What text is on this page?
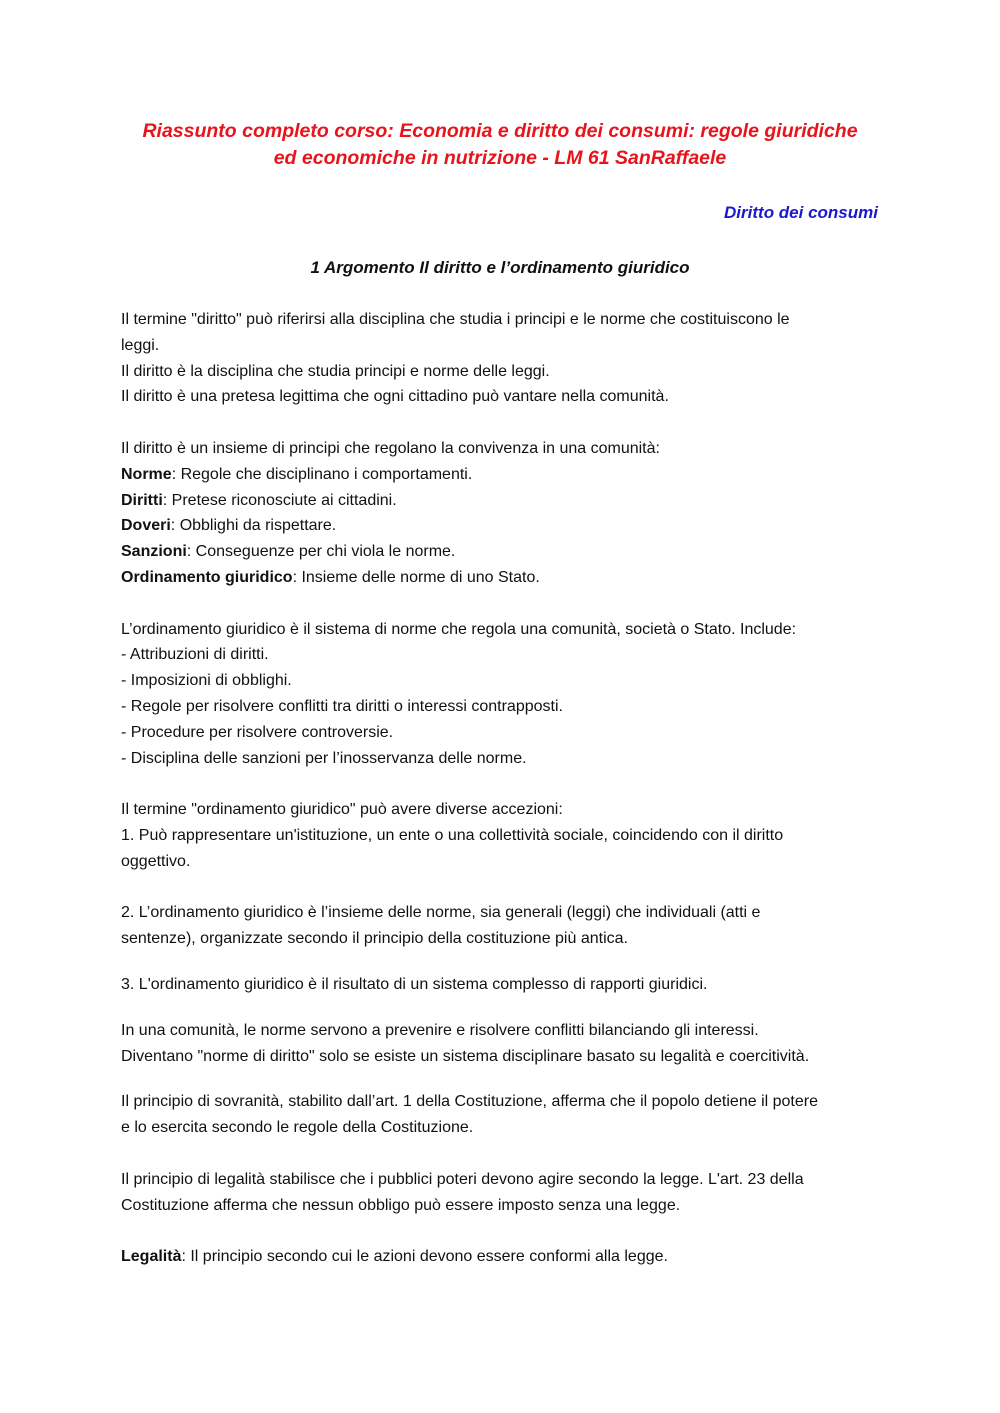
Riassunto completo corso: Economia e diritto dei consumi: regole giuridiche
ed economiche in nutrizione - LM 61 SanRaffaele
Diritto dei consumi
1 Argomento Il diritto e l’ordinamento giuridico
Il termine "diritto" può riferirsi alla disciplina che studia i principi e le norme che costituiscono le
leggi.
Il diritto è la disciplina che studia principi e norme delle leggi.
Il diritto è una pretesa legittima che ogni cittadino può vantare nella comunità.
Il diritto è un insieme di principi che regolano la convivenza in una comunità:
Norme: Regole che disciplinano i comportamenti.
Diritti: Pretese riconosciute ai cittadini.
Doveri: Obblighi da rispettare.
Sanzioni: Conseguenze per chi viola le norme.
Ordinamento giuridico: Insieme delle norme di uno Stato.
L’ordinamento giuridico è il sistema di norme che regola una comunità, società o Stato. Include:
- Attribuzioni di diritti.
- Imposizioni di obblighi.
- Regole per risolvere conflitti tra diritti o interessi contrapposti.
- Procedure per risolvere controversie.
- Disciplina delle sanzioni per l’inosservanza delle norme.
Il termine "ordinamento giuridico" può avere diverse accezioni:
1. Può rappresentare un'istituzione, un ente o una collettività sociale, coincidendo con il diritto
oggettivo.
2. L’ordinamento giuridico è l’insieme delle norme, sia generali (leggi) che individuali (atti e
sentenze), organizzate secondo il principio della costituzione più antica.
3. L'ordinamento giuridico è il risultato di un sistema complesso di rapporti giuridici.
In una comunità, le norme servono a prevenire e risolvere conflitti bilanciando gli interessi.
Diventano "norme di diritto" solo se esiste un sistema disciplinare basato su legalità e coercitività.
Il principio di sovranità, stabilito dall’art. 1 della Costituzione, afferma che il popolo detiene il potere
e lo esercita secondo le regole della Costituzione.
Il principio di legalità stabilisce che i pubblici poteri devono agire secondo la legge. L'art. 23 della
Costituzione afferma che nessun obbligo può essere imposto senza una legge.
Legalità: Il principio secondo cui le azioni devono essere conformi alla legge.
